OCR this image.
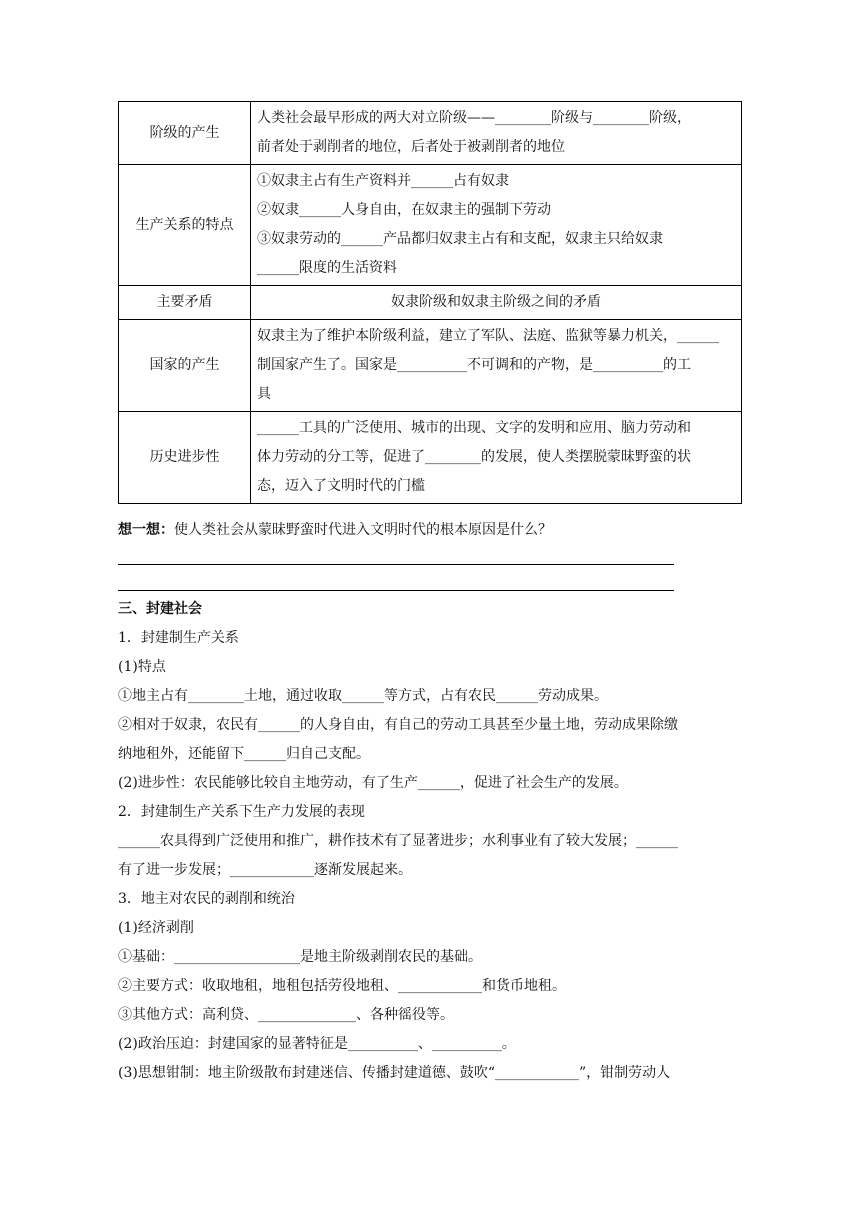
阶级的产生	人类社会最早形成的两大对立阶级——________阶级与________阶级，

前者处于剥削者的地位，后者处于被剥削者的地位

生产关系的特点	①奴隶主占有生产资料并______占有奴隶

②奴隶______人身自由，在奴隶主的强制下劳动

③奴隶劳动的______产品都归奴隶主占有和支配，奴隶主只给奴隶

______限度的生活资料

主要矛盾	奴隶阶级和奴隶主阶级之间的矛盾
国家的产生	奴隶主为了维护本阶级利益，建立了军队、法庭、监狱等暴力机关，______

制国家产生了。国家是__________不可调和的产物，是__________的工

具

历史进步性	______工具的广泛使用、城市的出现、文字的发明和应用、脑力劳动和

体力劳动的分工等，促进了________的发展，使人类摆脱蒙昧野蛮的状

态，迈入了文明时代的门槛

想一想：使人类社会从蒙昧野蛮时代进入文明时代的根本原因是什么？

三、封建社会

1．封建制生产关系

(1)特点

①地主占有________土地，通过收取______等方式，占有农民______劳动成果。

②相对于奴隶，农民有______的人身自由，有自己的劳动工具甚至少量土地，劳动成果除缴

纳地租外，还能留下______归自己支配。

(2)进步性：农民能够比较自主地劳动，有了生产______，促进了社会生产的发展。

2．封建制生产关系下生产力发展的表现

______农具得到广泛使用和推广，耕作技术有了显著进步；水利事业有了较大发展；______

有了进一步发展；____________逐渐发展起来。

3．地主对农民的剥削和统治

(1)经济剥削

①基础：__________________是地主阶级剥削农民的基础。

②主要方式：收取地租，地租包括劳役地租、____________和货币地租。

③其他方式：高利贷、______________、各种徭役等。

(2)政治压迫：封建国家的显著特征是__________、__________。

(3)思想钳制：地主阶级散布封建迷信、传播封建道德、鼓吹“____________”，钳制劳动人
